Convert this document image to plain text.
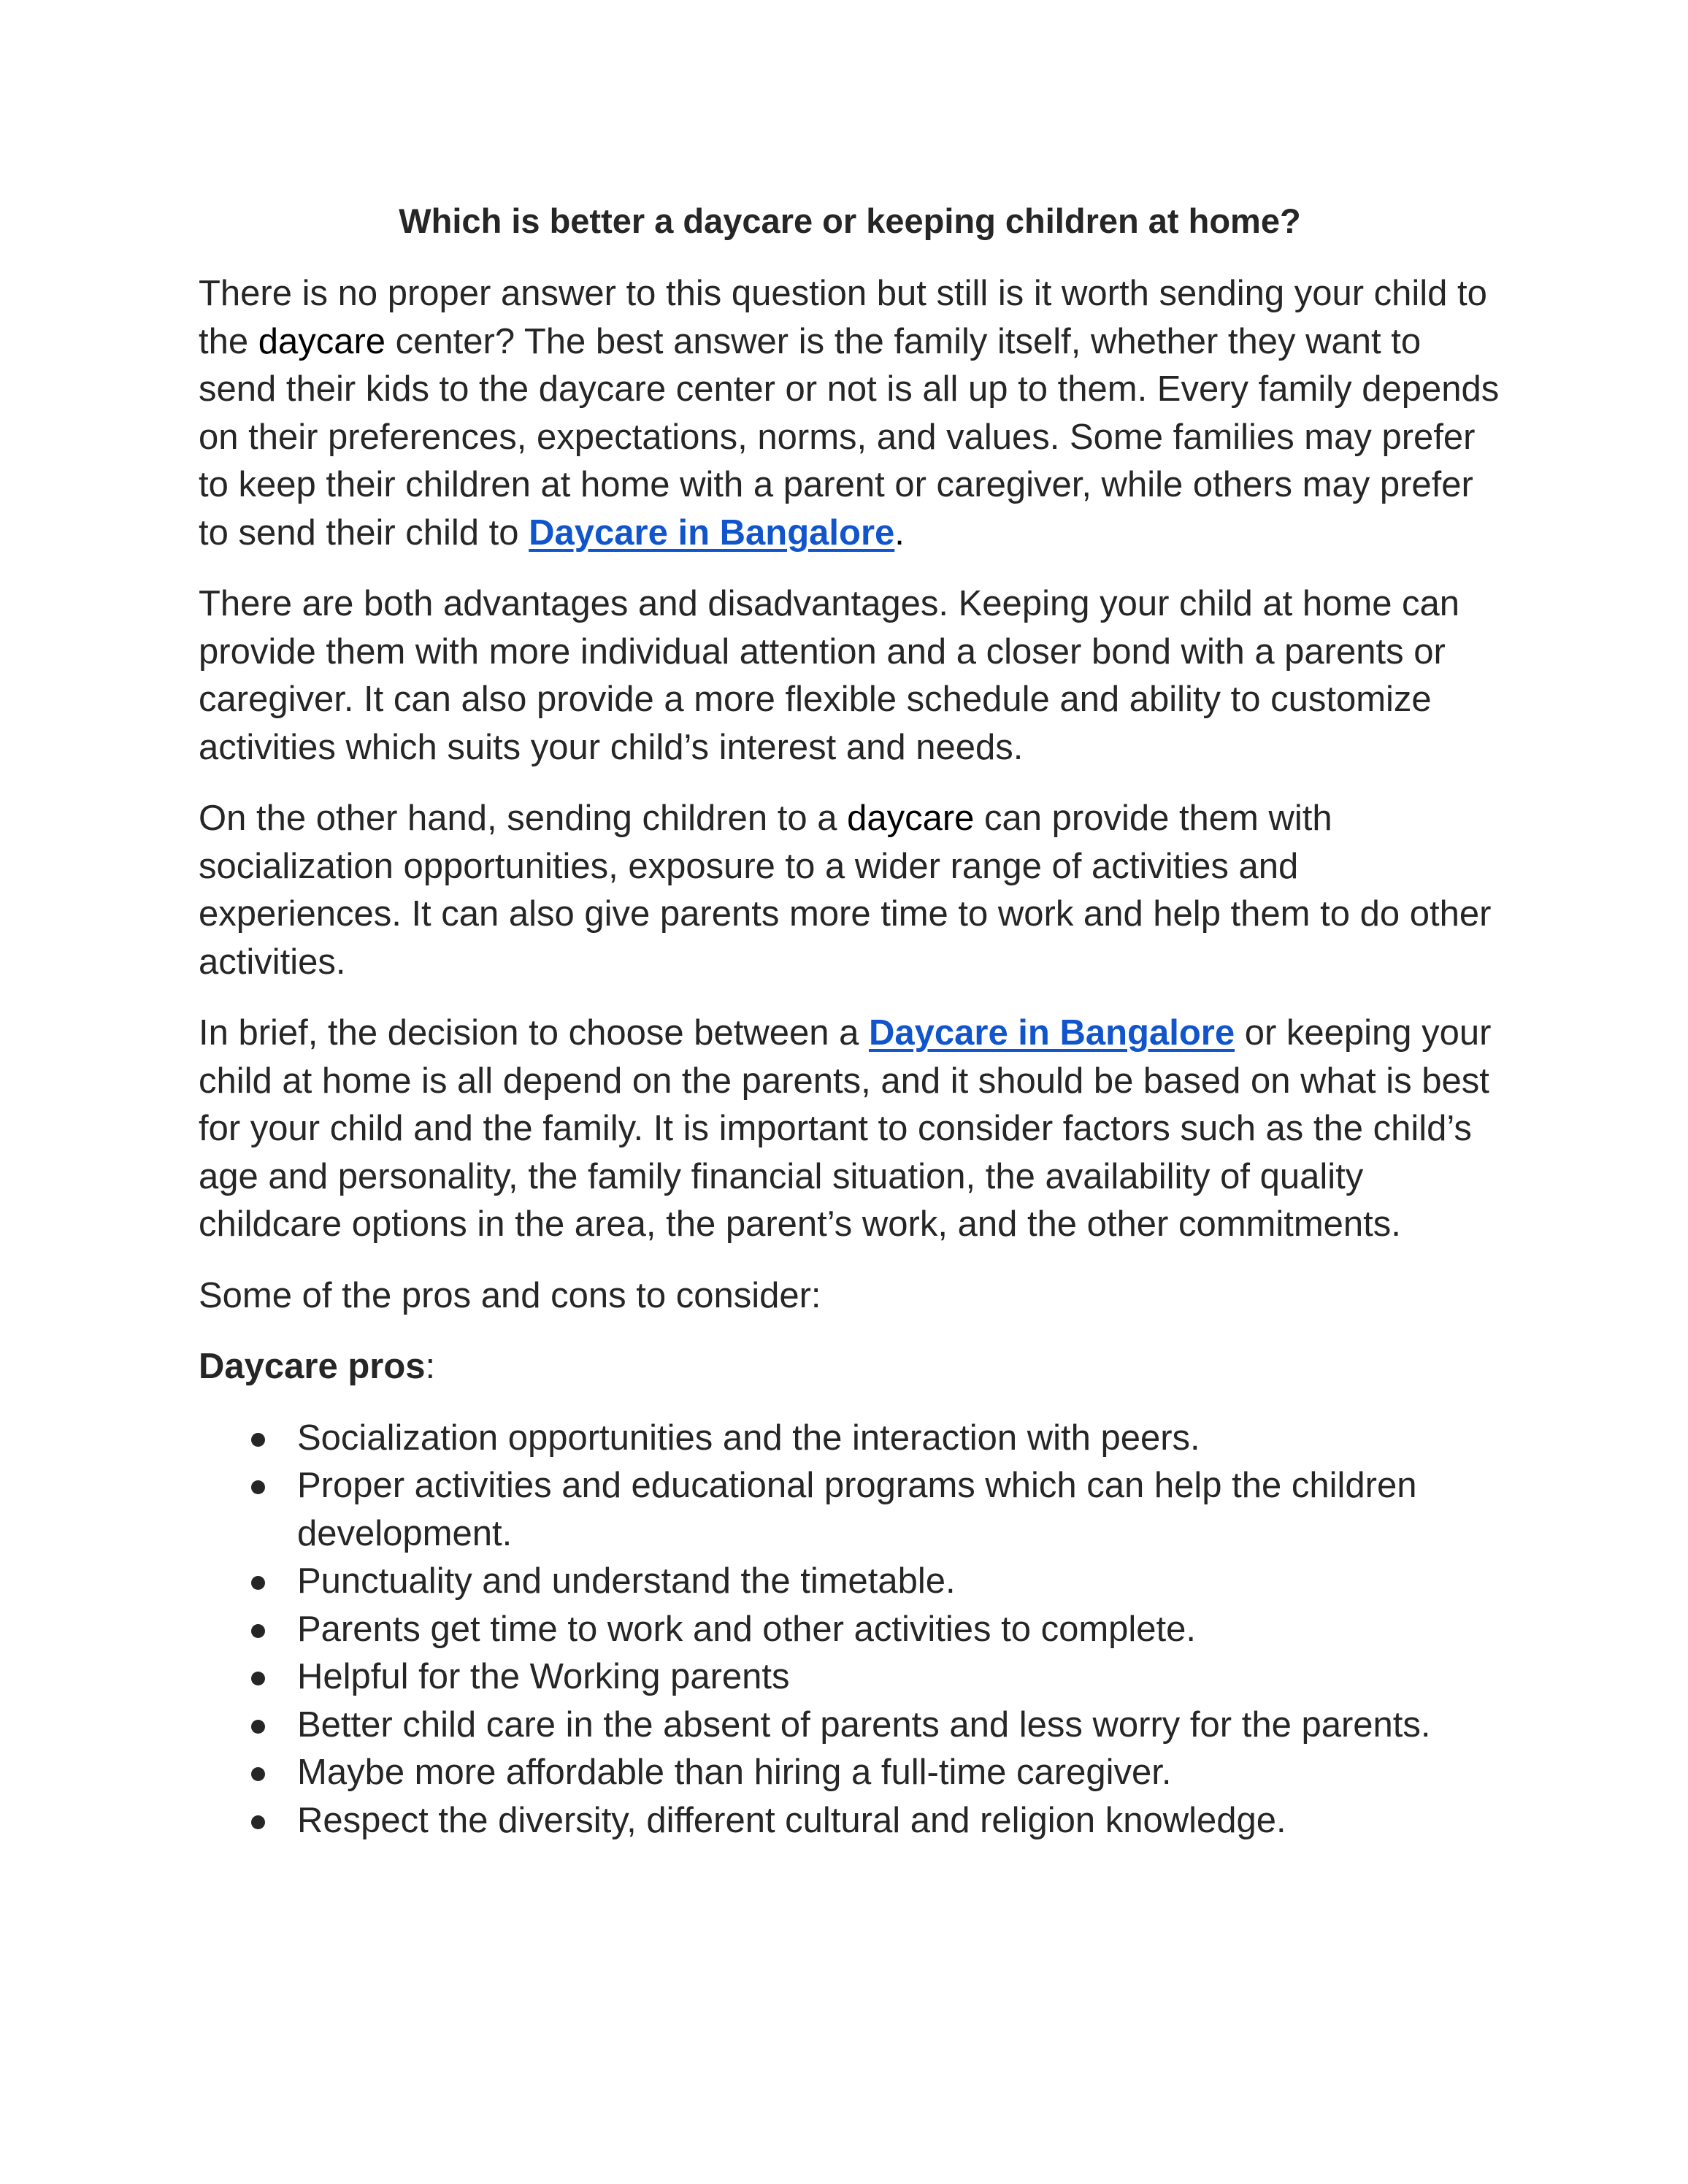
Which is better a daycare or keeping children at home?

There is no proper answer to this question but still is it worth sending your child to the daycare center? The best answer is the family itself, whether they want to send their kids to the daycare center or not is all up to them. Every family depends on their preferences, expectations, norms, and values. Some families may prefer to keep their children at home with a parent or caregiver, while others may prefer to send their child to Daycare in Bangalore.

There are both advantages and disadvantages. Keeping your child at home can provide them with more individual attention and a closer bond with a parents or caregiver. It can also provide a more flexible schedule and ability to customize activities which suits your child’s interest and needs.

On the other hand, sending children to a daycare can provide them with socialization opportunities, exposure to a wider range of activities and experiences. It can also give parents more time to work and help them to do other activities.

In brief, the decision to choose between a Daycare in Bangalore or keeping your child at home is all depend on the parents, and it should be based on what is best for your child and the family. It is important to consider factors such as the child’s age and personality, the family financial situation, the availability of quality childcare options in the area, the parent’s work, and the other commitments.

Some of the pros and cons to consider:

Daycare pros:

Socialization opportunities and the interaction with peers.
Proper activities and educational programs which can help the children development.
Punctuality and understand the timetable.
Parents get time to work and other activities to complete.
Helpful for the Working parents
Better child care in the absent of parents and less worry for the parents.
Maybe more affordable than hiring a full-time caregiver.
Respect the diversity, different cultural and religion knowledge.
